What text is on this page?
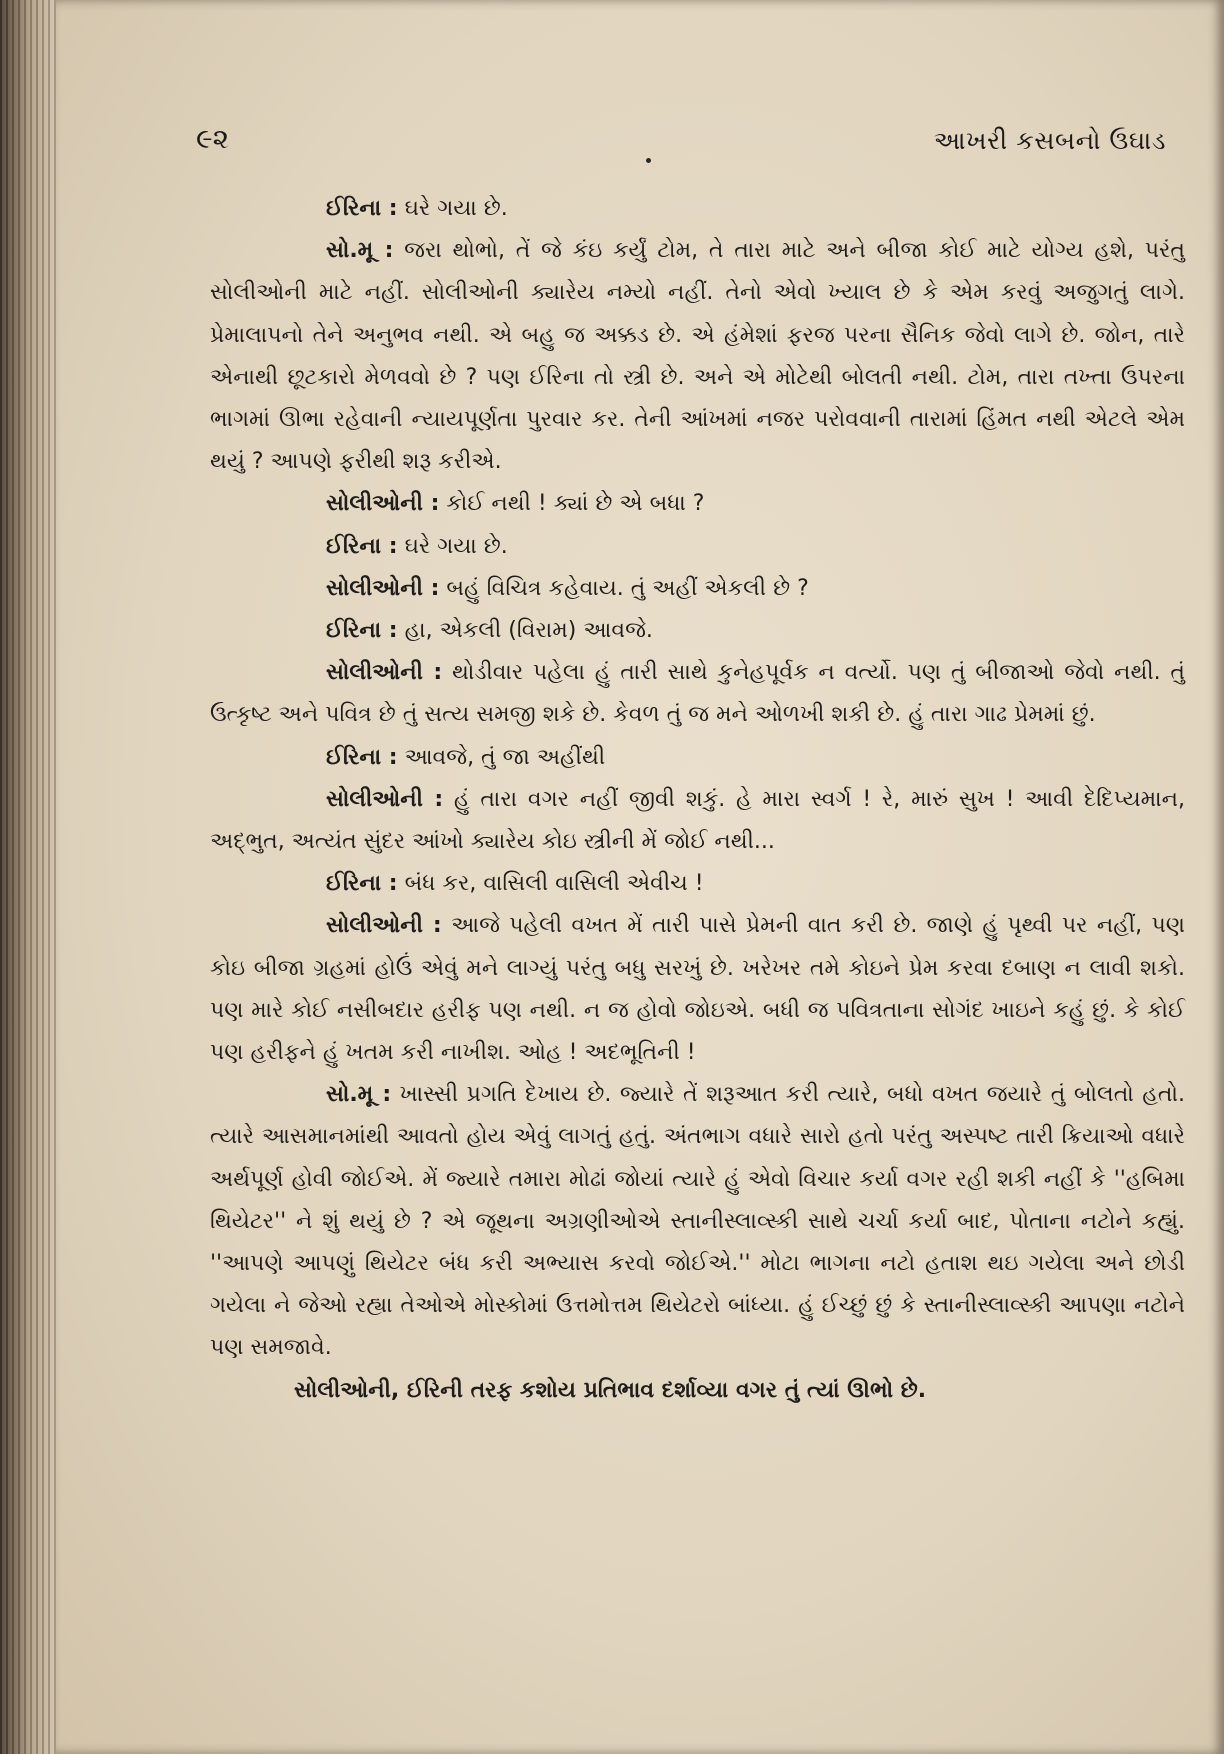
૯૨	આખરી કસબનો ઉઘાડ

ઈરિના : ઘરે ગયા છે.

સો.મૂ : જરા થોભો, તેં જે કંઇ કર્યું ટોમ, તે તારા માટે અને બીજા કોઈ માટે યોગ્ય હશે, પરંતુ સોલીઓની માટે નહીં. સોલીઓની ક્યારેય નમ્યો નહીં. તેનો એવો ખ્યાલ છે કે એમ કરવું અજુગતું લાગે. પ્રેમાલાપનો તેને અનુભવ નથી. એ બહુ જ અક્કડ છે. એ હંમેશાં ફરજ પરના સૈનિક જેવો લાગે છે. જોન, તારે એનાથી છૂટકારો મેળવવો છે ? પણ ઈરિના તો સ્ત્રી છે. અને એ મોટેથી બોલતી નથી. ટોમ, તારા તખ્તા ઉપરના ભાગમાં ઊભા રહેવાની ન્યાયપૂર્ણતા પુરવાર કર. તેની આંખમાં નજર પરોવવાની તારામાં હિંમત નથી એટલે એમ થયું ? આપણે ફરીથી શરૂ કરીએ.

સોલીઓની : કોઈ નથી ! ક્યાં છે એ બધા ?

ઈરિના : ઘરે ગયા છે.

સોલીઓની : બહું વિચિત્ર કહેવાય. તું અહીં એકલી છે ?

ઈરિના : હા, એકલી (વિરામ) આવજે.

સોલીઓની : થોડીવાર પહેલા હું તારી સાથે કુનેહપૂર્વક ન વર્ત્યો. પણ તું બીજાઓ જેવો નથી. તું ઉત્કૃષ્ટ અને પવિત્ર છે તું સત્ય સમજી શકે છે. કેવળ તું જ મને ઓળખી શકી છે. હું તારા ગાઢ પ્રેમમાં છું.

ઈરિના : આવજે, તું જા અહીંથી

સોલીઓની : હું તારા વગર નહીં જીવી શકું. હે મારા સ્વર્ગ ! રે, મારું સુખ ! આવી દેદિપ્યમાન, અદ્ભુત, અત્યંત સુંદર આંખો ક્યારેય કોઇ સ્ત્રીની મેં જોઈ નથી...

ઈરિના : બંધ કર, વાસિલી વાસિલી એવીચ !

સોલીઓની : આજે પહેલી વખત મેં તારી પાસે પ્રેમની વાત કરી છે. જાણે હું પૃથ્વી પર નહીં, પણ કોઇ બીજા ગ્રહમાં હોઉં એવું મને લાગ્યું પરંતુ બધુ સરખું છે. ખરેખર તમે કોઇને પ્રેમ કરવા દબાણ ન લાવી શકો. પણ મારે કોઈ નસીબદાર હરીફ પણ નથી. ન જ હોવો જોઇએ. બધી જ પવિત્રતાના સોગંદ ખાઇને કહું છું. કે કોઈ પણ હરીફને હું ખતમ કરી નાખીશ. ઓહ ! અદભૂતિની !

સો.મૂ : ખાસ્સી પ્રગતિ દેખાય છે. જ્યારે તેં શરૂઆત કરી ત્યારે, બધો વખત જયારે તું બોલતો હતો. ત્યારે આસમાનમાંથી આવતો હોય એવું લાગતું હતું. અંતભાગ વધારે સારો હતો પરંતુ અસ્પષ્ટ તારી ક્રિયાઓ વધારે અર્થપૂર્ણ હોવી જોઈએ. મેં જ્યારે તમારા મોઢાં જોયાં ત્યારે હું એવો વિચાર કર્યા વગર રહી શકી નહીં કે ''હબિમા થિયેટર'' ને શું થયું છે ? એ જૂથના અગ્રણીઓએ સ્તાનીસ્લાવ્સ્કી સાથે ચર્ચા કર્યા બાદ, પોતાના નટોને કહ્યું. ''આપણે આપણું થિયેટર બંધ કરી અભ્યાસ કરવો જોઈએ.'' મોટા ભાગના નટો હતાશ થઇ ગયેલા અને છોડી ગયેલા ને જેઓ રહ્યા તેઓએ મોસ્કોમાં ઉત્તમોત્તમ થિયેટરો બાંધ્યા. હું ઈચ્છું છું કે સ્તાનીસ્લાવ્સ્કી આપણા નટોને પણ સમજાવે.

સોલીઓની, ઈરિની તરફ કશોય પ્રતિભાવ દર્શાવ્યા વગર તું ત્યાં ઊભો છે.
